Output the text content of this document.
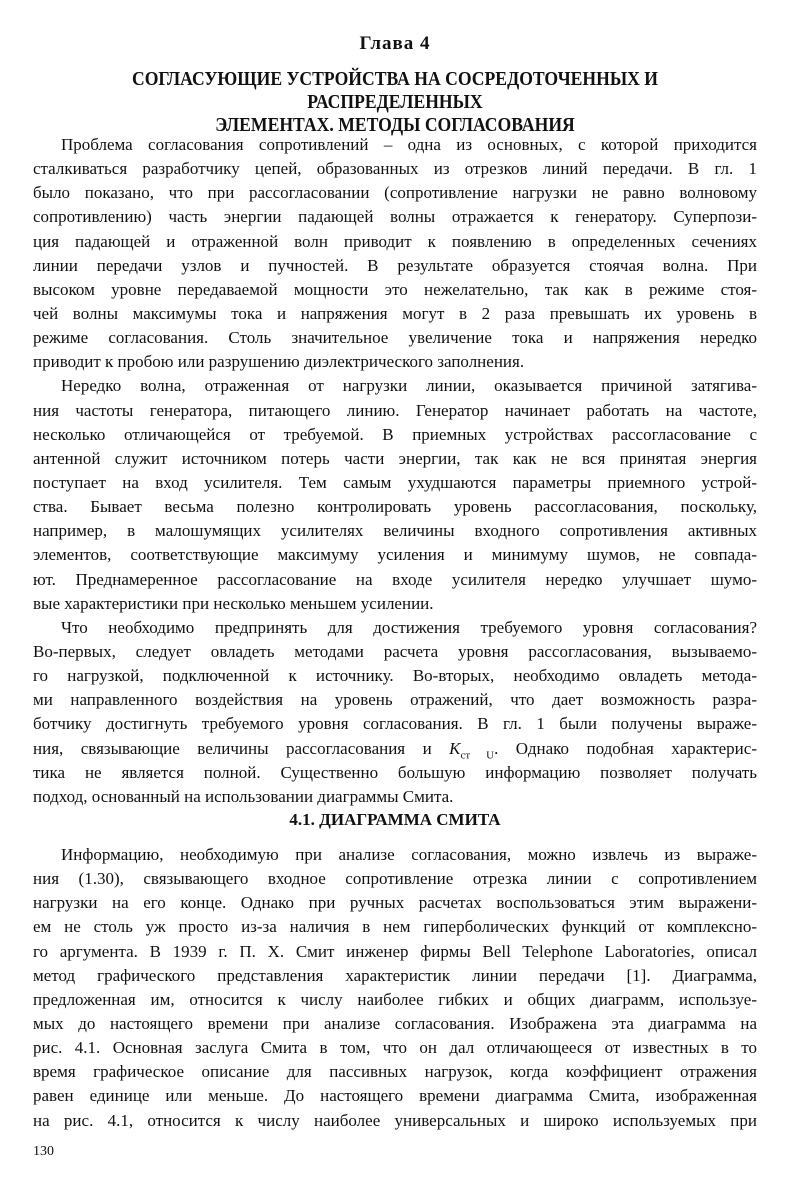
Глава 4
СОГЛАСУЮЩИЕ УСТРОЙСТВА НА СОСРЕДОТОЧЕННЫХ И РАСПРЕДЕЛЕННЫХ
ЭЛЕМЕНТАХ. МЕТОДЫ СОГЛАСОВАНИЯ
Проблема согласования сопротивлений – одна из основных, с которой приходится
сталкиваться разработчику цепей, образованных из отрезков линий передачи. В гл. 1
было показано, что при рассогласовании (сопротивление нагрузки не равно волновому
сопротивлению) часть энергии падающей волны отражается к генератору. Суперпози-
ция падающей и отраженной волн приводит к появлению в определенных сечениях
линии передачи узлов и пучностей. В результате образуется стоячая волна. При
высоком уровне передаваемой мощности это нежелательно, так как в режиме стоя-
чей волны максимумы тока и напряжения могут в 2 раза превышать их уровень в
режиме согласования. Столь значительное увеличение тока и напряжения нередко
приводит к пробою или разрушению диэлектрического заполнения.
Нередко волна, отраженная от нагрузки линии, оказывается причиной затягива-
ния частоты генератора, питающего линию. Генератор начинает работать на частоте,
несколько отличающейся от требуемой. В приемных устройствах рассогласование с
антенной служит источником потерь части энергии, так как не вся принятая энергия
поступает на вход усилителя. Тем самым ухудшаются параметры приемного устрой-
ства. Бывает весьма полезно контролировать уровень рассогласования, поскольку,
например, в малошумящих усилителях величины входного сопротивления активных
элементов, соответствующие максимуму усиления и минимуму шумов, не совпада-
ют. Преднамеренное рассогласование на входе усилителя нередко улучшает шумо-
вые характеристики при несколько меньшем усилении.
Что необходимо предпринять для достижения требуемого уровня согласования?
Во-первых, следует овладеть методами расчета уровня рассогласования, вызываемо-
го нагрузкой, подключенной к источнику. Во-вторых, необходимо овладеть метода-
ми направленного воздействия на уровень отражений, что дает возможность разра-
ботчику достигнуть требуемого уровня согласования. В гл. 1 были получены выраже-
ния, связывающие величины рассогласования и $K_{ст U}$. Однако подобная характерис-
тика не является полной. Существенно большую информацию позволяет получать
подход, основанный на использовании диаграммы Смита.
4.1. ДИАГРАММА СМИТА
Информацию, необходимую при анализе согласования, можно извлечь из выраже-
ния (1.30), связывающего входное сопротивление отрезка линии с сопротивлением
нагрузки на его конце. Однако при ручных расчетах воспользоваться этим выражени-
ем не столь уж просто из-за наличия в нем гиперболических функций от комплексно-
го аргумента. В 1939 г. П. Х. Смит инженер фирмы Bell Telephone Laboratories, описал
метод графического представления характеристик линии передачи [1]. Диаграмма,
предложенная им, относится к числу наиболее гибких и общих диаграмм, используе-
мых до настоящего времени при анализе согласования. Изображена эта диаграмма на
рис. 4.1. Основная заслуга Смита в том, что он дал отличающееся от известных в то
время графическое описание для пассивных нагрузок, когда коэффициент отражения
равен единице или меньше. До настоящего времени диаграмма Смита, изображенная
на рис. 4.1, относится к числу наиболее универсальных и широко используемых при
130
